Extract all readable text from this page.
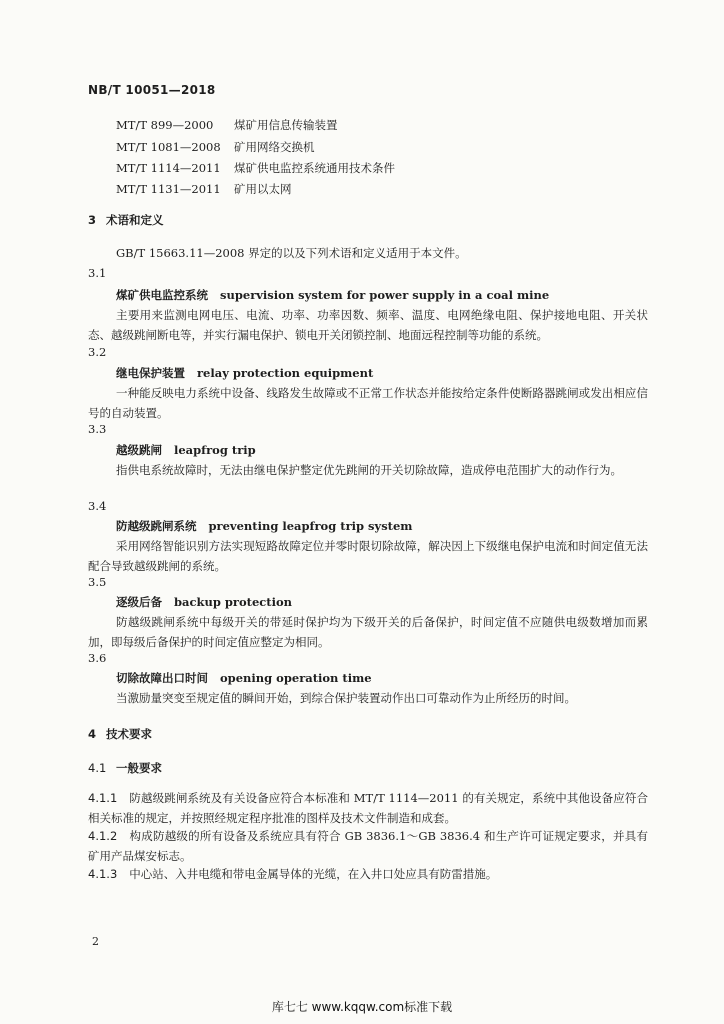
NB/T 10051—2018
MT/T 899—2000 煤矿用信息传输装置
MT/T 1081—2008 矿用网络交换机
MT/T 1114—2011 煤矿供电监控系统通用技术条件
MT/T 1131—2011 矿用以太网
3 术语和定义
GB/T 15663.11—2008 界定的以及下列术语和定义适用于本文件。
3.1
煤矿供电监控系统 supervision system for power supply in a coal mine
主要用来监测电网电压、电流、功率、功率因数、频率、温度、电网绝缘电阻、保护接地电阻、开关状态、越级跳闸断电等，并实行漏电保护、锁电开关闭锁控制、地面远程控制等功能的系统。
3.2
继电保护装置 relay protection equipment
一种能反映电力系统中设备、线路发生故障或不正常工作状态并能按给定条件使断路器跳闸或发出相应信号的自动装置。
3.3
越级跳闸 leapfrog trip
指供电系统故障时，无法由继电保护整定优先跳闸的开关切除故障，造成停电范围扩大的动作行为。
3.4
防越级跳闸系统 preventing leapfrog trip system
采用网络智能识别方法实现短路故障定位并零时限切除故障，解决因上下级继电保护电流和时间定值无法配合导致越级跳闸的系统。
3.5
逐级后备 backup protection
防越级跳闸系统中每级开关的带延时保护均为下级开关的后备保护，时间定值不应随供电级数增加而累加，即每级后备保护的时间定值应整定为相同。
3.6
切除故障出口时间 opening operation time
当激励量突变至规定值的瞬间开始，到综合保护装置动作出口可靠动作为止所经历的时间。
4 技术要求
4.1 一般要求
4.1.1 防越级跳闸系统及有关设备应符合本标准和 MT/T 1114—2011 的有关规定，系统中其他设备应符合相关标准的规定，并按照经规定程序批准的图样及技术文件制造和成套。
4.1.2 构成防越级的所有设备及系统应具有符合 GB 3836.1～GB 3836.4 和生产许可证规定要求，并具有矿用产品煤安标志。
4.1.3 中心站、入井电缆和带电金属导体的光缆，在入井口处应具有防雷措施。
2
库七七 www.kqqw.com标准下载
